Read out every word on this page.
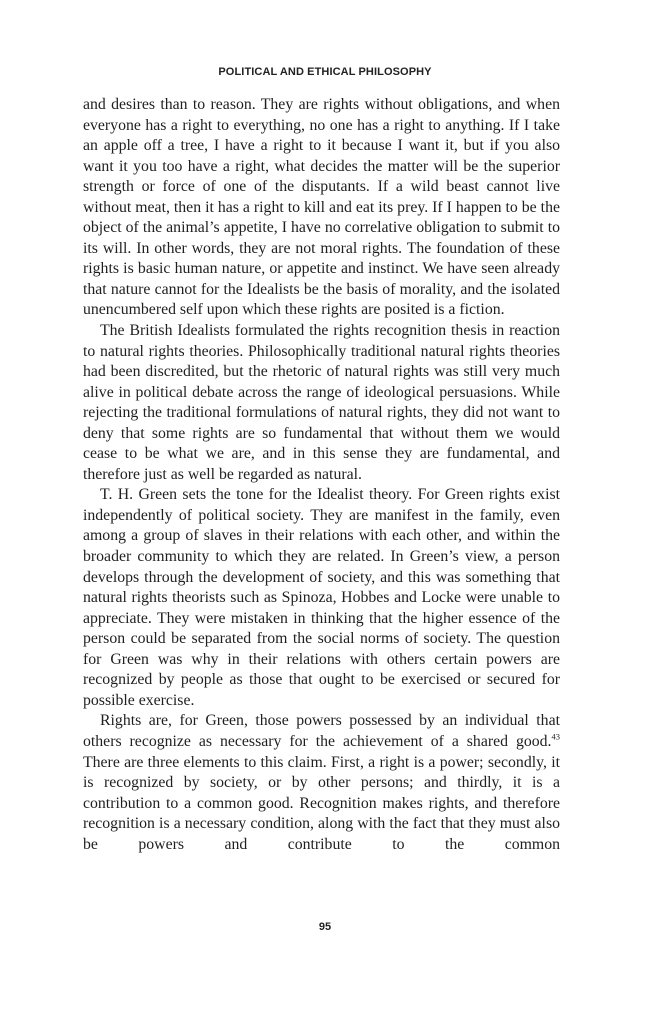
POLITICAL AND ETHICAL PHILOSOPHY

and desires than to reason. They are rights without obligations, and when everyone has a right to everything, no one has a right to anything. If I take an apple off a tree, I have a right to it because I want it, but if you also want it you too have a right, what decides the matter will be the superior strength or force of one of the disputants. If a wild beast cannot live without meat, then it has a right to kill and eat its prey. If I happen to be the object of the animal’s appetite, I have no correlative obligation to submit to its will. In other words, they are not moral rights. The foundation of these rights is basic human nature, or appetite and instinct. We have seen already that nature cannot for the Idealists be the basis of morality, and the isolated unencumbered self upon which these rights are posited is a fiction.

The British Idealists formulated the rights recognition thesis in reaction to natural rights theories. Philosophically traditional natural rights theories had been discredited, but the rhetoric of natural rights was still very much alive in political debate across the range of ideological persuasions. While rejecting the traditional formulations of natural rights, they did not want to deny that some rights are so fundamental that without them we would cease to be what we are, and in this sense they are fundamental, and therefore just as well be regarded as natural.

T. H. Green sets the tone for the Idealist theory. For Green rights exist independently of political society. They are manifest in the family, even among a group of slaves in their relations with each other, and within the broader community to which they are related. In Green’s view, a person develops through the development of society, and this was something that natural rights theorists such as Spinoza, Hobbes and Locke were unable to appreciate. They were mistaken in thinking that the higher essence of the person could be separated from the social norms of society. The question for Green was why in their relations with others certain powers are recognized by people as those that ought to be exercised or secured for possible exercise.

Rights are, for Green, those powers possessed by an individual that others recognize as necessary for the achievement of a shared good.$^{43}$ There are three elements to this claim. First, a right is a power; secondly, it is recognized by society, or by other persons; and thirdly, it is a contribution to a common good. Recognition makes rights, and therefore recognition is a necessary condition, along with the fact that they must also be powers and contribute to the common

95
